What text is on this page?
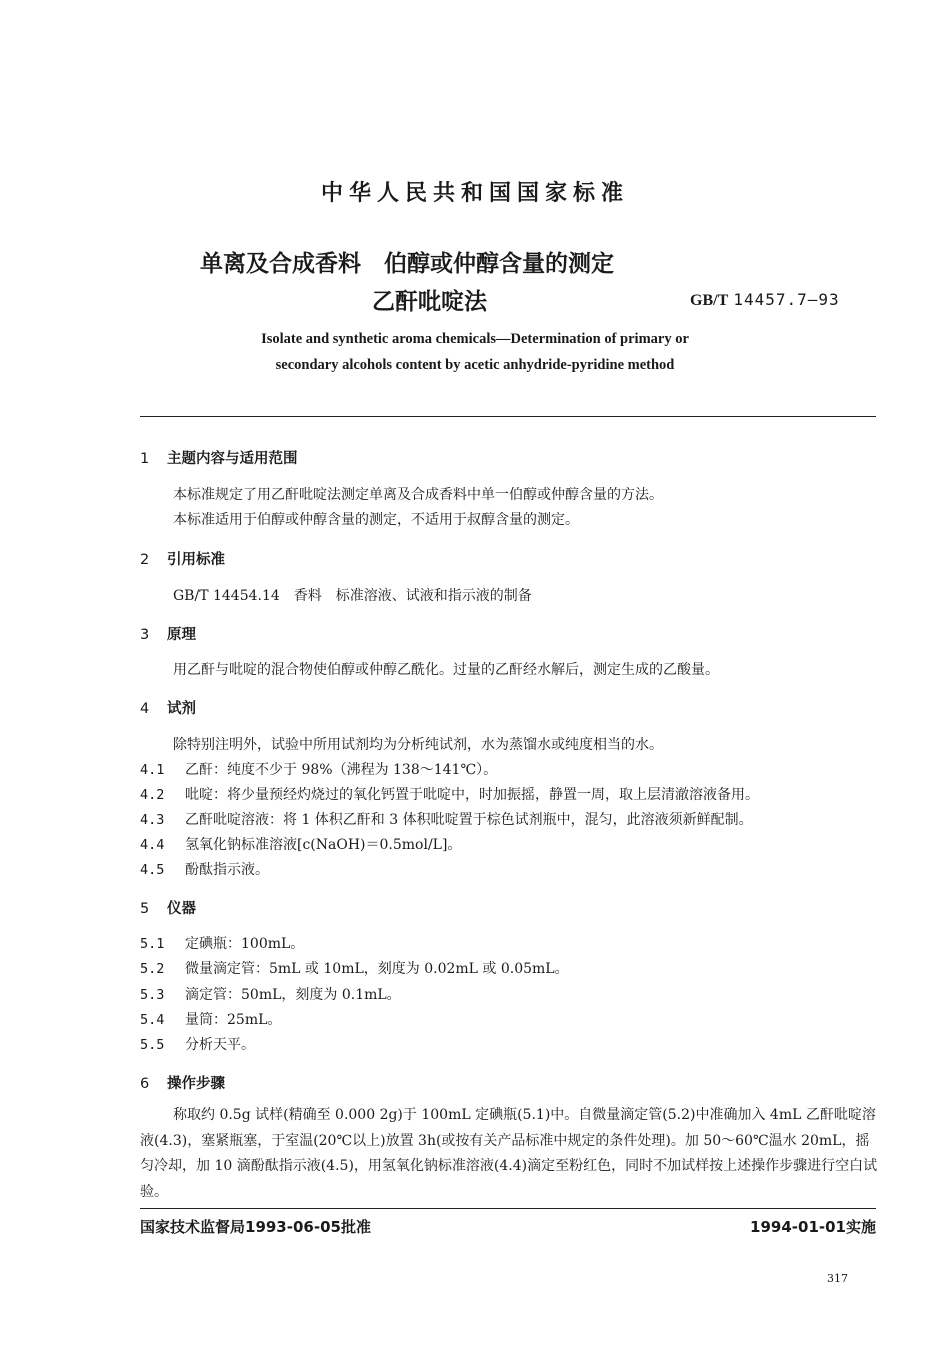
中华人民共和国国家标准
单离及合成香料　伯醇或仲醇含量的测定
乙酐吡啶法	GB/T 14457.7—93
Isolate and synthetic aroma chemicals—Determination of primary or
secondary alcohols content by acetic anhydride-pyridine method
1 主题内容与适用范围
本标准规定了用乙酐吡啶法测定单离及合成香料中单一伯醇或仲醇含量的方法。
本标准适用于伯醇或仲醇含量的测定，不适用于叔醇含量的测定。
2 引用标准
GB/T 14454.14　香料　标准溶液、试液和指示液的制备
3 原理
用乙酐与吡啶的混合物使伯醇或仲醇乙酰化。过量的乙酐经水解后，测定生成的乙酸量。
4 试剂
除特别注明外，试验中所用试剂均为分析纯试剂，水为蒸馏水或纯度相当的水。
4.1 乙酐：纯度不少于 98%（沸程为 138～141℃）。
4.2 吡啶：将少量预经灼烧过的氧化钙置于吡啶中，时加振摇，静置一周，取上层清澈溶液备用。
4.3 乙酐吡啶溶液：将 1 体积乙酐和 3 体积吡啶置于棕色试剂瓶中，混匀，此溶液须新鲜配制。
4.4 氢氧化钠标准溶液[c(NaOH)＝0.5mol/L]。
4.5 酚酞指示液。
5 仪器
5.1 定碘瓶：100mL。
5.2 微量滴定管：5mL 或 10mL，刻度为 0.02mL 或 0.05mL。
5.3 滴定管：50mL，刻度为 0.1mL。
5.4 量筒：25mL。
5.5 分析天平。
6 操作步骤

称取约 0.5g 试样(精确至 0.000 2g)于 100mL 定碘瓶(5.1)中。自微量滴定管(5.2)中准确加入 4mL 乙酐吡啶溶液(4.3)，塞紧瓶塞，于室温(20℃以上)放置 3h(或按有关产品标准中规定的条件处理)。加 50～60℃温水 20mL，摇匀冷却，加 10 滴酚酞指示液(4.5)，用氢氧化钠标准溶液(4.4)滴定至粉红色，同时不加试样按上述操作步骤进行空白试验。

国家技术监督局1993-06-05批准	1994-01-01实施
317
